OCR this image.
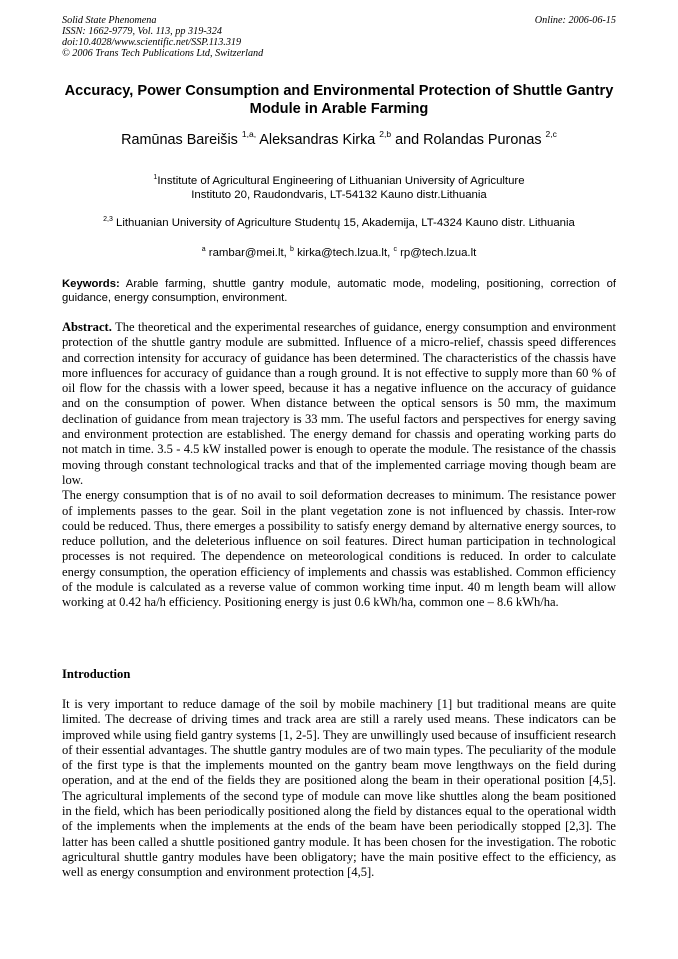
Solid State Phenomena
ISSN: 1662-9779, Vol. 113, pp 319-324
doi:10.4028/www.scientific.net/SSP.113.319
© 2006 Trans Tech Publications Ltd, Switzerland
Online: 2006-06-15
Accuracy, Power Consumption and Environmental Protection of Shuttle Gantry Module in Arable Farming
Ramūnas Bareišis $^{1,a,}$ Aleksandras Kirka $^{2,b}$ and Rolandas Puronas $^{2,c}$
$^1$Institute of Agricultural Engineering of Lithuanian University of Agriculture
Instituto 20, Raudondvaris, LT-54132 Kauno distr.Lithuania
$^{2,3}$ Lithuanian University of Agriculture Studentų 15, Akademija, LT-4324 Kauno distr. Lithuania
$^a$ rambar@mei.lt, $^b$ kirka@tech.lzua.lt, $^c$ rp@tech.lzua.lt
Keywords: Arable farming, shuttle gantry module, automatic mode, modeling, positioning, correction of guidance, energy consumption, environment.

Abstract. The theoretical and the experimental researches of guidance, energy consumption and environment protection of the shuttle gantry module are submitted. Influence of a micro-relief, chassis speed differences and correction intensity for accuracy of guidance has been determined. The characteristics of the chassis have more influences for accuracy of guidance than a rough ground. It is not effective to supply more than 60 % of oil flow for the chassis with a lower speed, because it has a negative influence on the accuracy of guidance and on the consumption of power. When distance between the optical sensors is 50 mm, the maximum declination of guidance from mean trajectory is 33 mm. The useful factors and perspectives for energy saving and environment protection are established. The energy demand for chassis and operating working parts do not match in time. 3.5 - 4.5 kW installed power is enough to operate the module. The resistance of the chassis moving through constant technological tracks and that of the implemented carriage moving though beam are low.

The energy consumption that is of no avail to soil deformation decreases to minimum. The resistance power of implements passes to the gear. Soil in the plant vegetation zone is not influenced by chassis. Inter-row could be reduced. Thus, there emerges a possibility to satisfy energy demand by alternative energy sources, to reduce pollution, and the deleterious influence on soil features. Direct human participation in technological processes is not required. The dependence on meteorological conditions is reduced. In order to calculate energy consumption, the operation efficiency of implements and chassis was established. Common efficiency of the module is calculated as a reverse value of common working time input. 40 m length beam will allow working at 0.42 ha/h efficiency. Positioning energy is just 0.6 kWh/ha, common one – 8.6 kWh/ha.

Introduction

It is very important to reduce damage of the soil by mobile machinery [1] but traditional means are quite limited. The decrease of driving times and track area are still a rarely used means. These indicators can be improved while using field gantry systems [1, 2-5]. They are unwillingly used because of insufficient research of their essential advantages. The shuttle gantry modules are of two main types. The peculiarity of the module of the first type is that the implements mounted on the gantry beam move lengthways on the field during operation, and at the end of the fields they are positioned along the beam in their operational position [4,5]. The agricultural implements of the second type of module can move like shuttles along the beam positioned in the field, which has been periodically positioned along the field by distances equal to the operational width of the implements when the implements at the ends of the beam have been periodically stopped [2,3]. The latter has been called a shuttle positioned gantry module. It has been chosen for the investigation. The robotic agricultural shuttle gantry modules have been obligatory; have the main positive effect to the efficiency, as well as energy consumption and environment protection [4,5].
